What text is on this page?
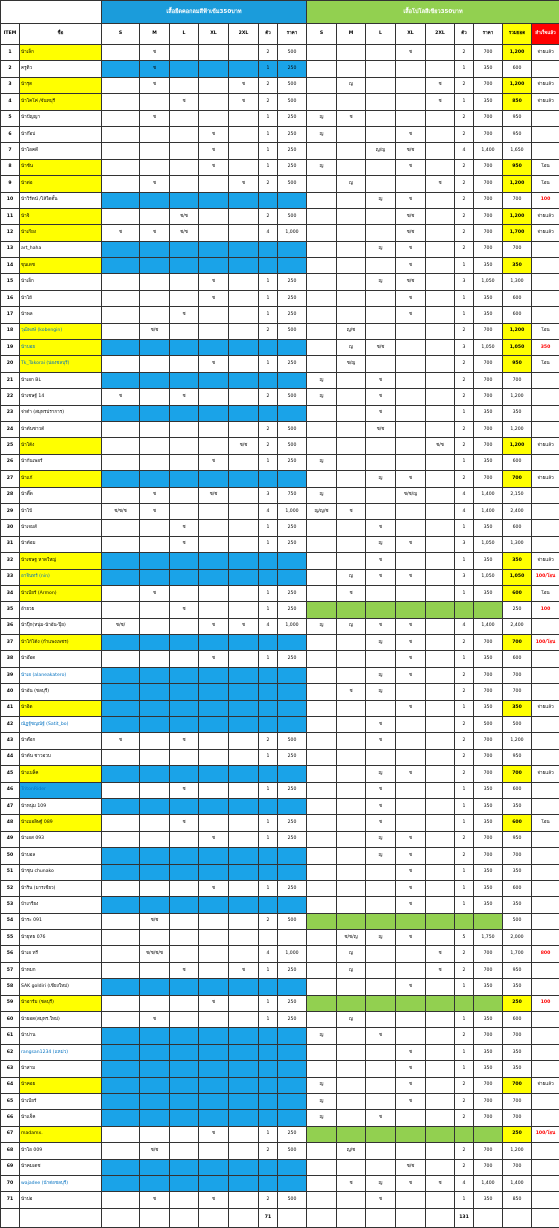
		เสื้อยืดคอกลมสีฟ้าเข้ม350บาท							เสื้อโปโลสีเขียว350บาท								
ITEM	ชื่อ	S	M	L	XL	2XL	ตัว	ราคา	S	M	L	XL	2XL	ตัว	ราคา	รวมยอด	สำเร็จแล้ว
1	น้าเล็ก		ช				2	500				ช		2	700	1,200	จ่ายแล้ว
2	ครูติว		ช				1	250						1	350	600	
3	น้ารุต		ช			ช	2	500		ญ			ช	2	700	1,200	จ่ายแล้ว
4	น้าโคโค่ /จันทบุรี			ช		ช	2	500					ช	1	350	850	จ่ายแล้ว
5	น้าปัญญา		ช				1	250	ญ	ช				2	700	950	
6	น้าก๊อป				ช		1	250	ญ			ช		2	700	950	
7	น้าโอคดี				ช		1	250			ญ/ญ	ช/ช		4	1,400	1,650	
8	น้าชัน				ช		1	250	ญ			ช		2	700	950	โอน
9	น้าต่อ		ช			ช	2	500		ญ			ช	2	700	1,200	โอน
10	น้าวิรัตน์ /โส้ใดตั้น										ญ	ช		2	700	700	100
11	น้าจิ			ช/ช			2	500				ช/ช		2	700	1,200	จ่ายแล้ว
12	น้าเกียง	ช	ช	ช/ช			4	1,000				ช/ช		2	700	1,700	จ่ายแล้ว
13	art_haha										ญ	ช		2	700	700	
14	ขุนเดช											ช		1	350	350	
15	น้าเอ็ก				ช		1	250			ญ	ช/ช		3	1,050	1,300	
16	น้าโย้				ช		1	250				ช		1	350	600	
17	น้าพล			ช			1	250				ช		1	350	600	
18	วุฒิพงษ์ (kobengin)		ช/ช				2	500		ญ/ช				2	700	1,200	โอน
19	น้าบอย									ญ	ช/ช			3	1,050	1,050	350
20	Tk_Takorai (น่องชลบุรี)				ช		1	250		ช/ญ				2	700	950	โอน
21	น้าเอก BL								ญ		ช			2	700	700	
22	น้าเชษฐ์ 14	ช		ช			2	500	ญ		ช			2	700	1,200	
23	จ่าต๋า (สมุทรปราการ)										ช			1	350	350	
24	น้าต้นชาวด์						2	500			ช/ช			2	700	1,200	
25	น้าโต้ง					ช/ช	2	500					ช/ช	2	700	1,200	จ่ายแล้ว
26	น้าก้นเพอร์				ช		1	250	ญ					1	350	600	
27	น้าแก้										ญ	ช		2	700	700	จ่ายแล้ว
28	น้าติ๊ด		ช		ช/ช		3	750	ญ			ช/ช/ญ		4	1,400	2,150	
29	น้าโป้	ช/ช/ช	ช				4	1,000	ญ/ญ/ช	ช				4	1,400	2,400	
30	น้าเจมส์			ช			1	250			ช			1	350	600	
31	น้าต้อม			ช			1	250			ญ	ช		3	1,050	1,300	
32	น้าเชษฐ หาดใหญ่										ช			1	350	350	จ่ายแล้ว
33	อาจินทร์ (nin)									ญ	ช	ช		3	1,050	1,050	100/โอน
34	น้าเบียร์ (Armon)		ช				1	250		ช				1	350	600	โอน
35	อ้ายวย			ช			1	250								250	100
36	น้าปุ๊ก(หนุ่ม-น้าอ้น-ปุ๊ย)	ช/ช/			ช	ช	4	1,000	ญ	ญ	ช	ช		4	1,400	2,400	
37	น้าโก้โต้ง (กำแพงเพชร)										ญ	ช		2	700	700	100/โอน
38	น้าอ๊อด				ช		1	250				ช		1	350	600	
39	น้าเอ (alaneakatero)										ญ	ช		2	700	700	
40	น้าอ้น (ชลบุรี)									ช	ญ			2	700	700	
41	น้าอิด											ช		1	350	350	จ่ายแล้ว
42	ณัฏฐ์ชญณัฐ์ (Satit_bo)										ช			2	500	500	
43	น้าต๊อก	ช		ช			2	500			ช			2	700	1,200	
44	น้าต้น ชาวอวบ						1	250						2	700	950	
45	น้าแบล็ค										ญ	ช		2	700	700	จ่ายแล้ว
46	TritonRider			ช			1	250			ช			1	350	600	
47	น้าหนุ่ม 109										ช			1	350	350	
48	น้าเมอลิษฐ์ 089			ช			1	250			ช			1	350	600	โอน
49	น้าเอส 093				ช		1	250			ญ	ช		2	700	950	
50	น้าบอล										ญ	ช		2	700	700	
51	น้าชุน chunako											ช		1	350	350	
52	น้าริน (มารเชียว)				ช		1	250				ช		1	350	600	
53	ป๋าเกรียง											ช		1	350	350	
54	น้าระ 091		ช/ช				2	500								500	
55	น้ายุทธ 076									ช/ช/ญ	ญ	ช		5	1,750	2,000	
56	น้าเอ ทรี		ช/ช/ช/ช				4	1,000		ญ			ช	2	700	1,700	800
57	น้าหมก			ช		ช	1	250		ญ			ช	2	700	950	
58	SAK goldiri (เชียงใหม่)											ช		1	350	350	
59	น้าอาร์ม (ชลบุรี)				ช		1	250								250	100
60	น้ายอด(สมุทร.ใหม่)		ช				1	250		ญ				1	350	600	
61	น้าปาน								ญ		ช			2	700	700	
62	rangsan1234 (แหม่ว)											ช		1	350	350	
63	น้าสาม											ช		1	350	350	
64	น้าคอย								ญ			ช		2	700	700	จ่ายแล้ว
65	น้าเบียร์								ญ			ช		2	700	700	
66	น้าแจ็ค								ญ		ช			2	700	700	
67	madamx.				ช		1	250								250	100/โอน
68	น้าโอ 009		ช/ช				2	500		ญ/ช				2	700	1,200	
69	น้าคมเดช											ช/ช		2	700	700	
70	wajadee (น้าต่อชลบุรี)									ช	ญ	ช	ช	4	1,400	1,400	
71	น้าปอ		ช		ช		2	500			ช			1	350	850	
							71							131			
